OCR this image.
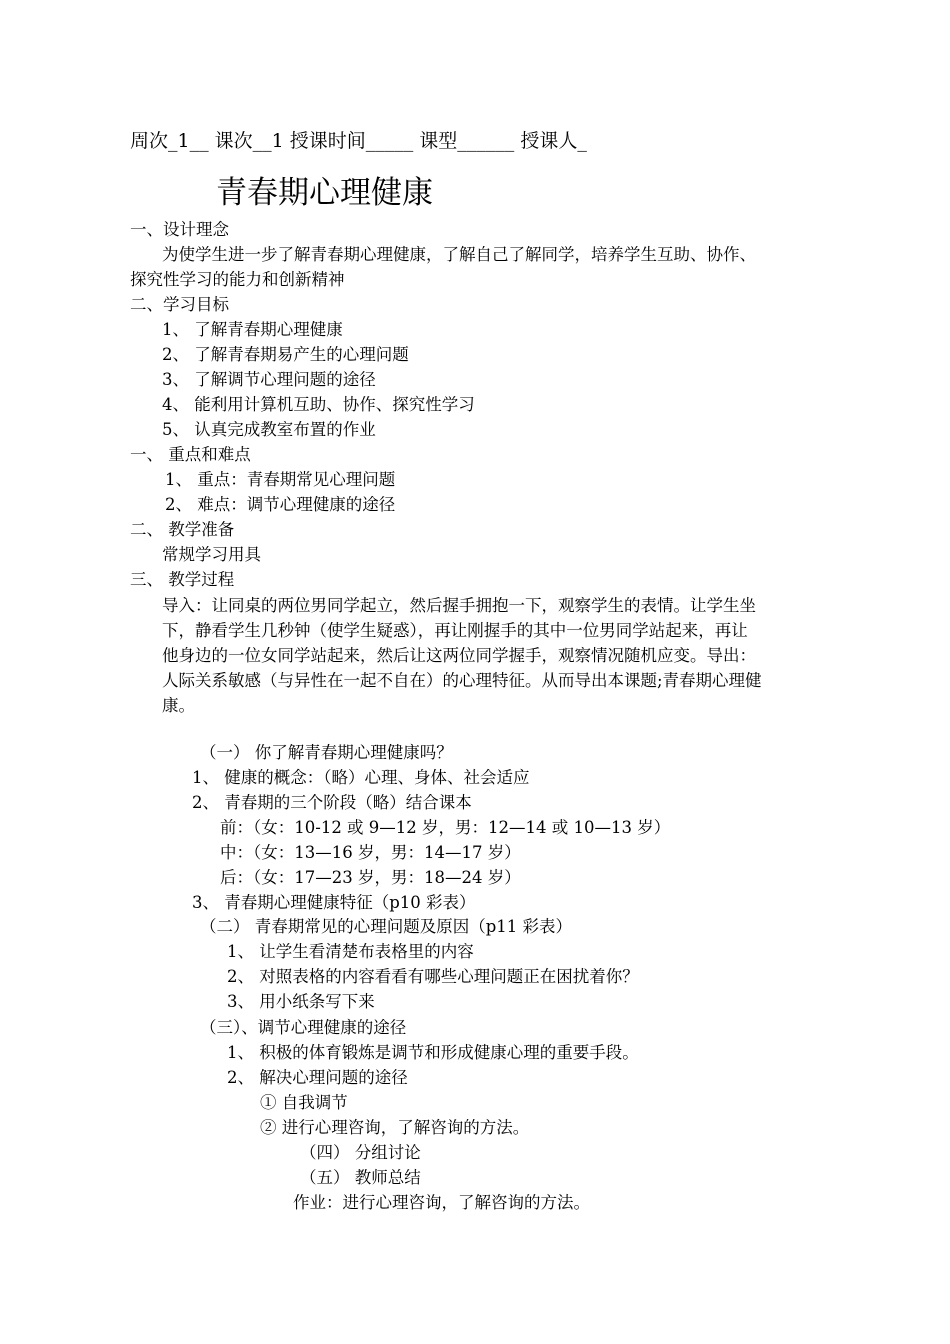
周次_1__ 课次__1 授课时间_____ 课型______ 授课人_
青春期心理健康
一、设计理念
为使学生进一步了解青春期心理健康，了解自己了解同学，培养学生互助、协作、
探究性学习的能力和创新精神
二、学习目标
1、 了解青春期心理健康
2、 了解青春期易产生的心理问题
3、 了解调节心理问题的途径
4、 能利用计算机互助、协作、探究性学习
5、 认真完成教室布置的作业
一、 重点和难点
1、 重点：青春期常见心理问题
2、 难点：调节心理健康的途径
二、 教学准备
常规学习用具
三、 教学过程
导入：让同桌的两位男同学起立，然后握手拥抱一下，观察学生的表情。让学生坐
下，静看学生几秒钟（使学生疑惑），再让刚握手的其中一位男同学站起来，再让
他身边的一位女同学站起来，然后让这两位同学握手，观察情况随机应变。导出：
人际关系敏感（与异性在一起不自在）的心理特征。从而导出本课题;青春期心理健
康。
（一） 你了解青春期心理健康吗？
1、 健康的概念：（略）心理、身体、社会适应
2、 青春期的三个阶段（略）结合课本
前：（女：10-12 或 9—12 岁，男：12—14 或 10—13 岁）
中：（女：13—16 岁，男：14—17 岁）
后：（女：17—23 岁，男：18—24 岁）
3、 青春期心理健康特征（p10 彩表）
（二） 青春期常见的心理问题及原因（p11 彩表）
1、 让学生看清楚布表格里的内容
2、 对照表格的内容看看有哪些心理问题正在困扰着你？
3、 用小纸条写下来
（三）、调节心理健康的途径
1、 积极的体育锻炼是调节和形成健康心理的重要手段。
2、 解决心理问题的途径
① 自我调节
② 进行心理咨询，了解咨询的方法。
（四） 分组讨论
（五） 教师总结
作业：进行心理咨询，了解咨询的方法。
